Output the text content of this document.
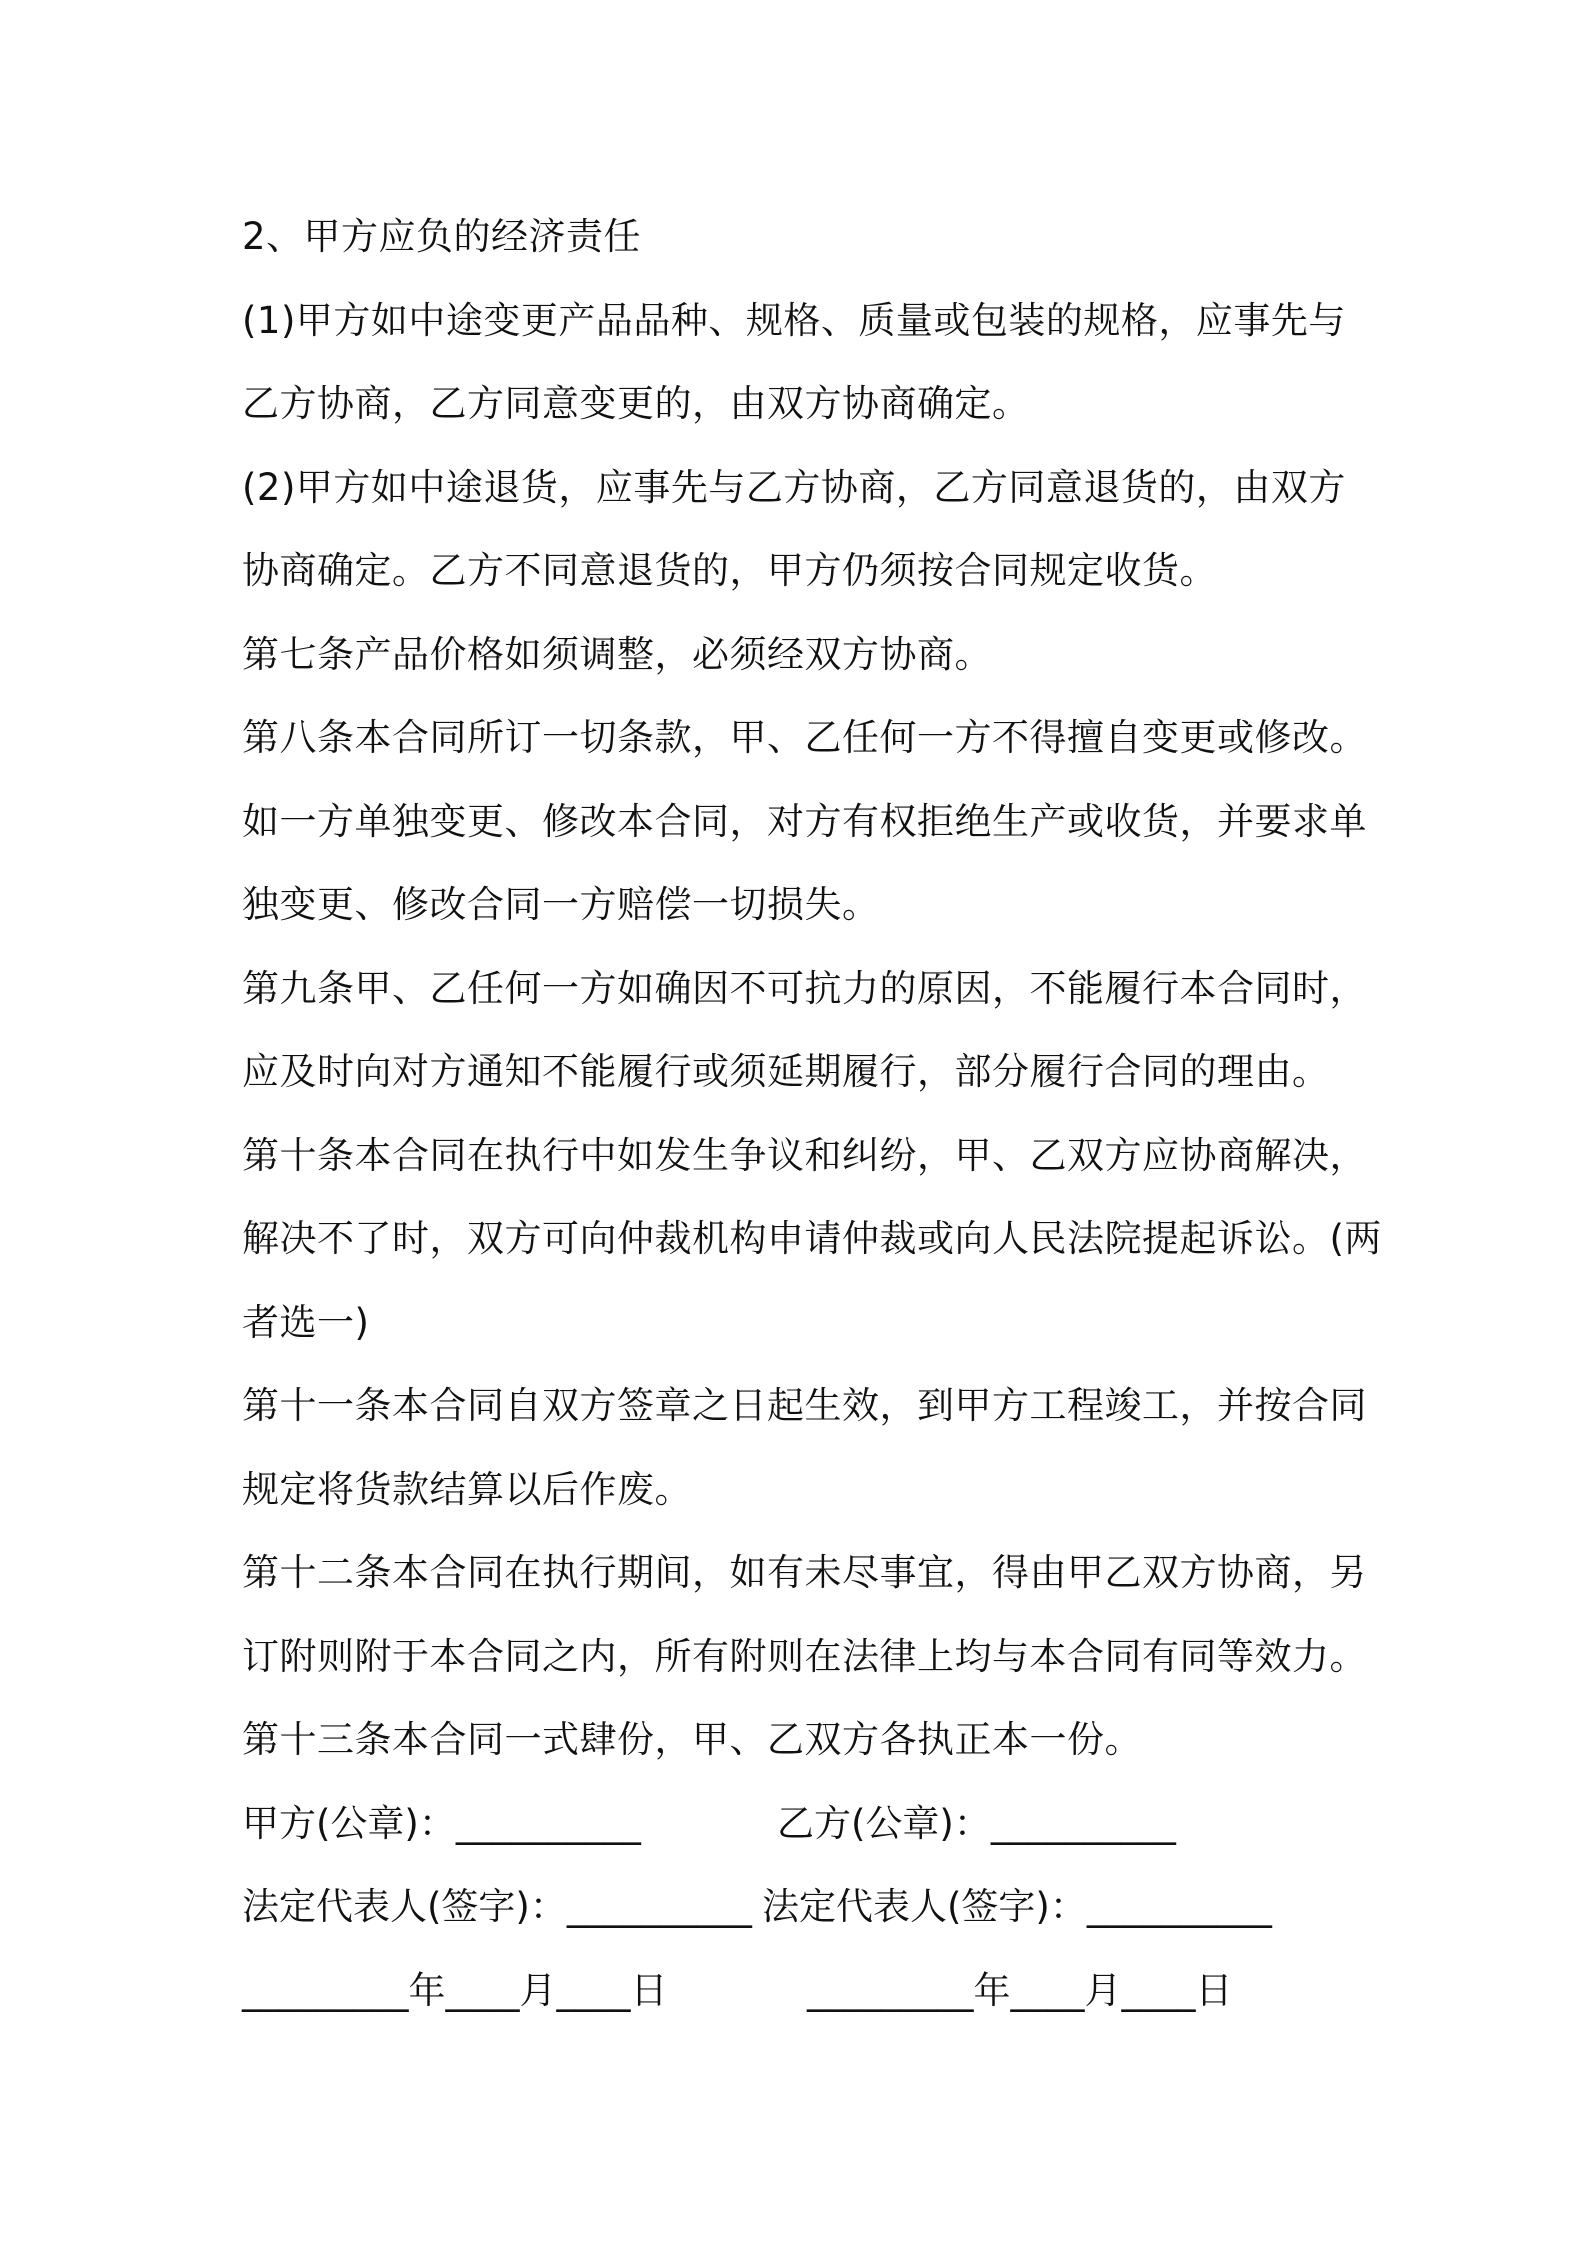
2、甲方应负的经济责任
(1)甲方如中途变更产品品种、规格、质量或包装的规格，应事先与
乙方协商，乙方同意变更的，由双方协商确定。
(2)甲方如中途退货，应事先与乙方协商，乙方同意退货的，由双方
协商确定。乙方不同意退货的，甲方仍须按合同规定收货。
第七条产品价格如须调整，必须经双方协商。
第八条本合同所订一切条款，甲、乙任何一方不得擅自变更或修改。
如一方单独变更、修改本合同，对方有权拒绝生产或收货，并要求单
独变更、修改合同一方赔偿一切损失。
第九条甲、乙任何一方如确因不可抗力的原因，不能履行本合同时，
应及时向对方通知不能履行或须延期履行，部分履行合同的理由。
第十条本合同在执行中如发生争议和纠纷，甲、乙双方应协商解决，
解决不了时，双方可向仲裁机构申请仲裁或向人民法院提起诉讼。(两
者选一)
第十一条本合同自双方签章之日起生效，到甲方工程竣工，并按合同
规定将货款结算以后作废。
第十二条本合同在执行期间，如有未尽事宜，得由甲乙双方协商，另
订附则附于本合同之内，所有附则在法律上均与本合同有同等效力。
第十三条本合同一式肆份，甲、乙双方各执正本一份。
甲方(公章)：__________	乙方(公章)：__________
法定代表人(签字)：__________ 法定代表人(签字)：__________
_________年____月____日	_________年____月____日
